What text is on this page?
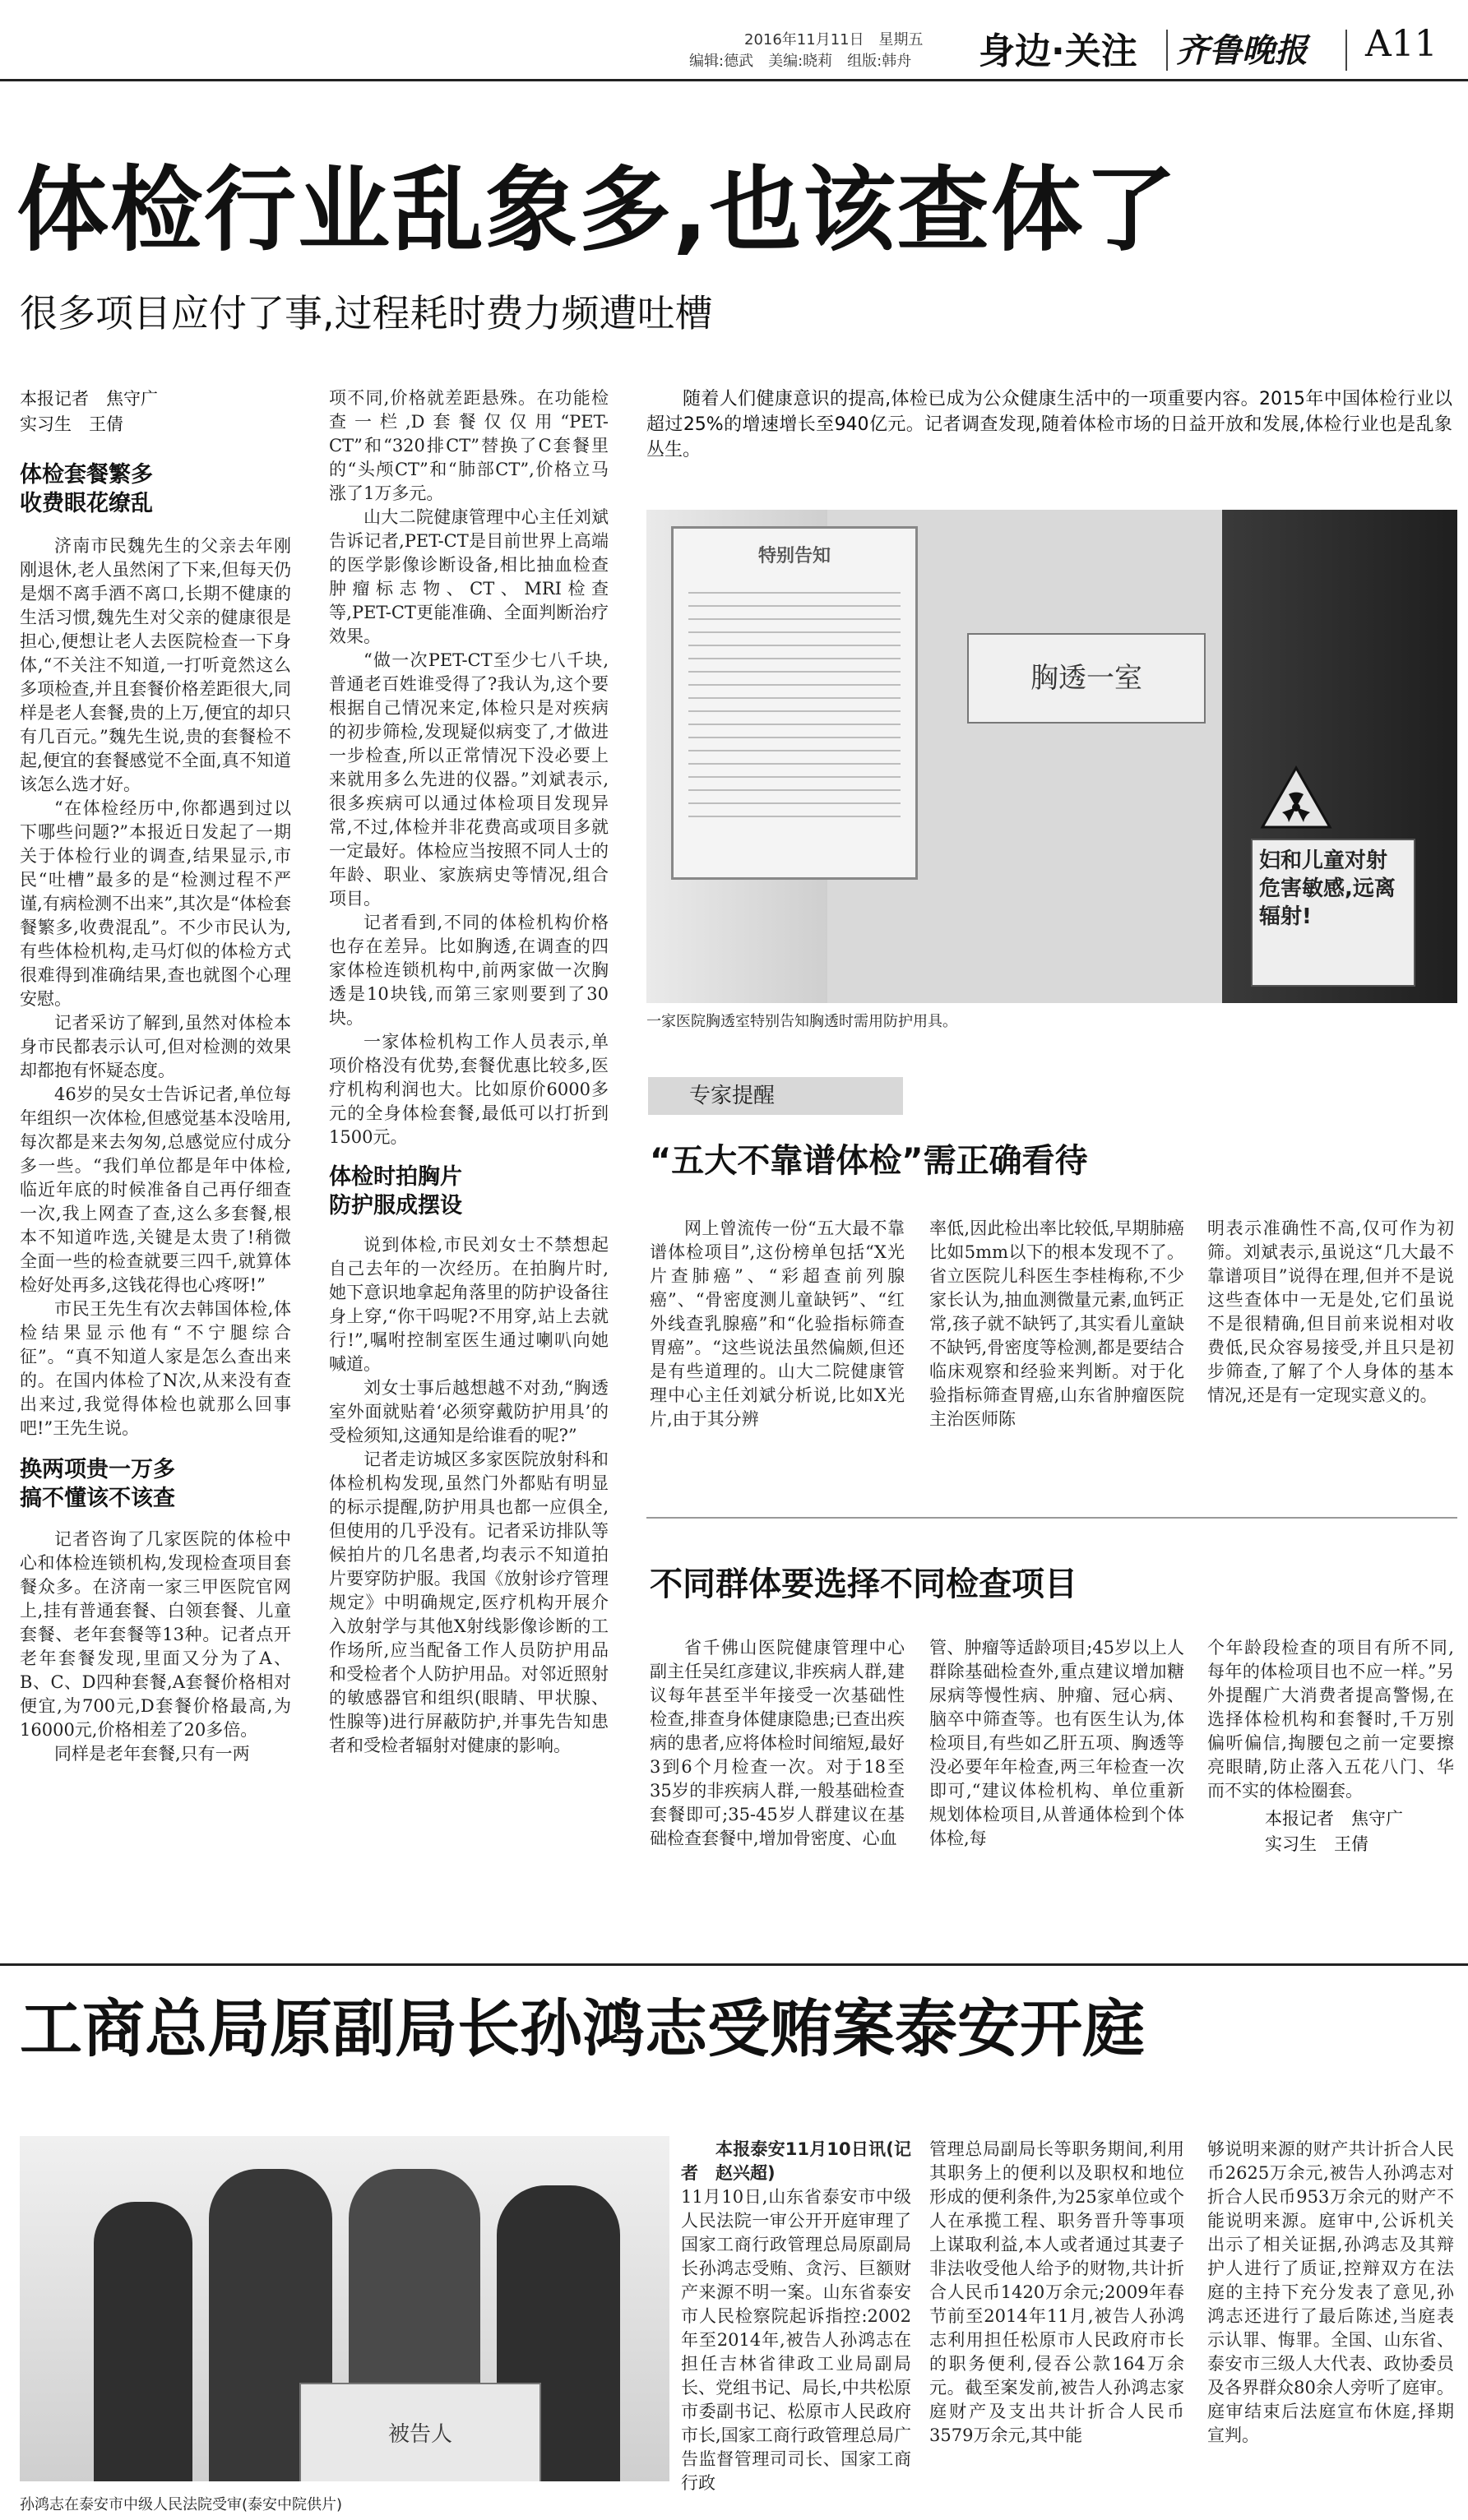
2016年11月11日 星期五
编辑:德武　美编:晓莉　组版:韩舟 身边·关注 齐鲁晚报 A11
体检行业乱象多,也该查体了
很多项目应付了事,过程耗时费力频遭吐槽
本报记者　焦守广
实习生　王倩
体检套餐繁多
收费眼花缭乱

济南市民魏先生的父亲去年刚刚退休,老人虽然闲了下来,但每天仍是烟不离手酒不离口,长期不健康的生活习惯,魏先生对父亲的健康很是担心,便想让老人去医院检查一下身体,“不关注不知道,一打听竟然这么多项检查,并且套餐价格差距很大,同样是老人套餐,贵的上万,便宜的却只有几百元。”魏先生说,贵的套餐检不起,便宜的套餐感觉不全面,真不知道该怎么选才好。

“在体检经历中,你都遇到过以下哪些问题?”本报近日发起了一期关于体检行业的调查,结果显示,市民“吐槽”最多的是“检测过程不严谨,有病检测不出来”,其次是“体检套餐繁多,收费混乱”。不少市民认为,有些体检机构,走马灯似的体检方式很难得到准确结果,查也就图个心理安慰。

记者采访了解到,虽然对体检本身市民都表示认可,但对检测的效果却都抱有怀疑态度。

46岁的吴女士告诉记者,单位每年组织一次体检,但感觉基本没啥用,每次都是来去匆匆,总感觉应付成分多一些。“我们单位都是年中体检,临近年底的时候准备自己再仔细查一次,我上网查了查,这么多套餐,根本不知道咋选,关键是太贵了!稍微全面一些的检查就要三四千,就算体检好处再多,这钱花得也心疼呀!”

市民王先生有次去韩国体检,体检结果显示他有“不宁腿综合征”。“真不知道人家是怎么查出来的。在国内体检了N次,从来没有查出来过,我觉得体检也就那么回事吧!”王先生说。

换两项贵一万多
搞不懂该不该查

记者咨询了几家医院的体检中心和体检连锁机构,发现检查项目套餐众多。在济南一家三甲医院官网上,挂有普通套餐、白领套餐、儿童套餐、老年套餐等13种。记者点开老年套餐发现,里面又分为了A、B、C、D四种套餐,A套餐价格相对便宜,为700元,D套餐价格最高,为16000元,价格相差了20多倍。

同样是老年套餐,只有一两

项不同,价格就差距悬殊。在功能检查一栏,D套餐仅仅用“PET-CT”和“320排CT”替换了C套餐里的“头颅CT”和“肺部CT”,价格立马涨了1万多元。

山大二院健康管理中心主任刘斌告诉记者,PET-CT是目前世界上高端的医学影像诊断设备,相比抽血检查肿瘤标志物、CT、MRI检查等,PET-CT更能准确、全面判断治疗效果。

“做一次PET-CT至少七八千块,普通老百姓谁受得了?我认为,这个要根据自己情况来定,体检只是对疾病的初步筛检,发现疑似病变了,才做进一步检查,所以正常情况下没必要上来就用多么先进的仪器。”刘斌表示,很多疾病可以通过体检项目发现异常,不过,体检并非花费高或项目多就一定最好。体检应当按照不同人士的年龄、职业、家族病史等情况,组合项目。

记者看到,不同的体检机构价格也存在差异。比如胸透,在调查的四家体检连锁机构中,前两家做一次胸透是10块钱,而第三家则要到了30块。

一家体检机构工作人员表示,单项价格没有优势,套餐优惠比较多,医疗机构利润也大。比如原价6000多元的全身体检套餐,最低可以打折到1500元。

体检时拍胸片
防护服成摆设

说到体检,市民刘女士不禁想起自己去年的一次经历。在拍胸片时,她下意识地拿起角落里的防护设备往身上穿,“你干吗呢?不用穿,站上去就行!”,嘱咐控制室医生通过喇叭向她喊道。

刘女士事后越想越不对劲,“胸透室外面就贴着‘必须穿戴防护用具’的受检须知,这通知是给谁看的呢?”

记者走访城区多家医院放射科和体检机构发现,虽然门外都贴有明显的标示提醒,防护用具也都一应俱全,但使用的几乎没有。记者采访排队等候拍片的几名患者,均表示不知道拍片要穿防护服。我国《放射诊疗管理规定》中明确规定,医疗机构开展介入放射学与其他X射线影像诊断的工作场所,应当配备工作人员防护用品和受检者个人防护用品。对邻近照射的敏感器官和组织(眼睛、甲状腺、性腺等)进行屏蔽防护,并事先告知患者和受检者辐射对健康的影响。

随着人们健康意识的提高,体检已成为公众健康生活中的一项重要内容。2015年中国体检行业以超过25%的增速增长至940亿元。记者调查发现,随着体检市场的日益开放和发展,体检行业也是乱象丛生。
特别告知
胸透一室
妇和儿童对射危害敏感,远离辐射!
一家医院胸透室特别告知胸透时需用防护用具。
专家提醒
“五大不靠谱体检”需正确看待

网上曾流传一份“五大最不靠谱体检项目”,这份榜单包括“X光片查肺癌”、“彩超查前列腺癌”、“骨密度测儿童缺钙”、“红外线查乳腺癌”和“化验指标筛查胃癌”。“这些说法虽然偏颇,但还是有些道理的。山大二院健康管理中心主任刘斌分析说,比如X光片,由于其分辨

率低,因此检出率比较低,早期肺癌比如5mm以下的根本发现不了。省立医院儿科医生李桂梅称,不少家长认为,抽血测微量元素,血钙正常,孩子就不缺钙了,其实看儿童缺不缺钙,骨密度等检测,都是要结合临床观察和经验来判断。对于化验指标筛查胃癌,山东省肿瘤医院主治医师陈

明表示准确性不高,仅可作为初筛。刘斌表示,虽说这“几大最不靠谱项目”说得在理,但并不是说这些查体中一无是处,它们虽说不是很精确,但目前来说相对收费低,民众容易接受,并且只是初步筛查,了解了个人身体的基本情况,还是有一定现实意义的。

不同群体要选择不同检查项目

省千佛山医院健康管理中心副主任吴红彦建议,非疾病人群,建议每年甚至半年接受一次基础性检查,排查身体健康隐患;已查出疾病的患者,应将体检时间缩短,最好3到6个月检查一次。对于18至35岁的非疾病人群,一般基础检查套餐即可;35-45岁人群建议在基础检查套餐中,增加骨密度、心血

管、肿瘤等适龄项目;45岁以上人群除基础检查外,重点建议增加糖尿病等慢性病、肿瘤、冠心病、脑卒中筛查等。也有医生认为,体检项目,有些如乙肝五项、胸透等没必要年年检查,两三年检查一次即可,“建议体检机构、单位重新规划体检项目,从普通体检到个体体检,每

个年龄段检查的项目有所不同,每年的体检项目也不应一样。”另外提醒广大消费者提高警惕,在选择体检机构和套餐时,千万别偏听偏信,掏腰包之前一定要擦亮眼睛,防止落入五花八门、华而不实的体检圈套。

本报记者　焦守广
实习生　王倩
工商总局原副局长孙鸿志受贿案泰安开庭
被告人
孙鸿志在泰安市中级人民法院受审(泰安中院供片)

本报泰安11月10日讯(记者　赵兴超)

11月10日,山东省泰安市中级人民法院一审公开开庭审理了国家工商行政管理总局原副局长孙鸿志受贿、贪污、巨额财产来源不明一案。山东省泰安市人民检察院起诉指控:2002年至2014年,被告人孙鸿志在担任吉林省律政工业局副局长、党组书记、局长,中共松原市委副书记、松原市人民政府市长,国家工商行政管理总局广告监督管理司司长、国家工商行政

管理总局副局长等职务期间,利用其职务上的便利以及职权和地位形成的便利条件,为25家单位或个人在承揽工程、职务晋升等事项上谋取利益,本人或者通过其妻子非法收受他人给予的财物,共计折合人民币1420万余元;2009年春节前至2014年11月,被告人孙鸿志利用担任松原市人民政府市长的职务便利,侵吞公款164万余元。截至案发前,被告人孙鸿志家庭财产及支出共计折合人民币3579万余元,其中能

够说明来源的财产共计折合人民币2625万余元,被告人孙鸿志对折合人民币953万余元的财产不能说明来源。庭审中,公诉机关出示了相关证据,孙鸿志及其辩护人进行了质证,控辩双方在法庭的主持下充分发表了意见,孙鸿志还进行了最后陈述,当庭表示认罪、悔罪。全国、山东省、泰安市三级人大代表、政协委员及各界群众80余人旁听了庭审。庭审结束后法庭宣布休庭,择期宣判。
